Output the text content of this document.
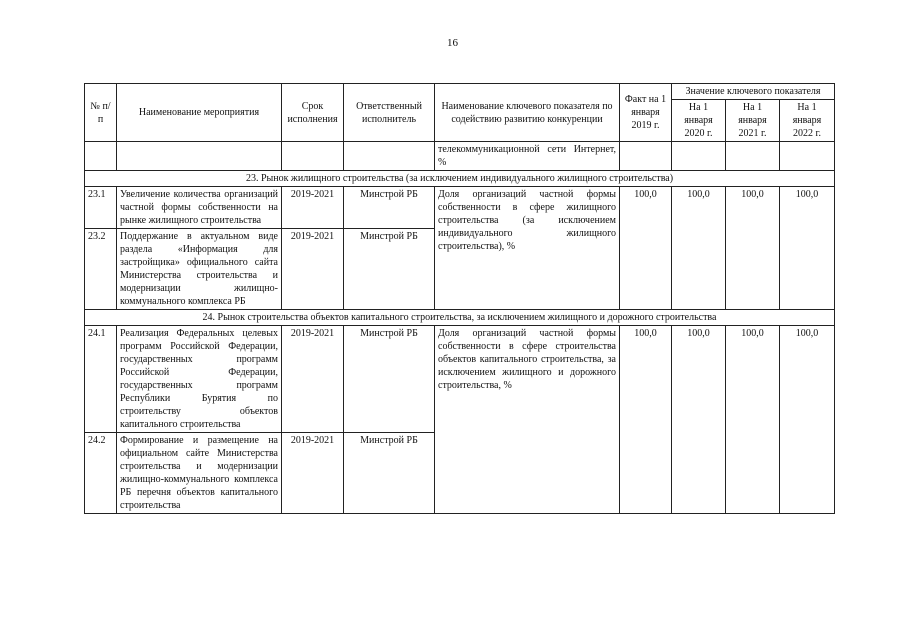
16
№ п/п	Наименование мероприятия	Срок исполнения	Ответственный исполнитель	Наименование ключевого показателя по содействию развитию конкуренции	Факт на 1 января 2019 г.	Значение ключевого показателя		
						На 1 января 2020 г.	На 1 января 2021 г.	На 1 января 2022 г.
				телекоммуникационной сети Интернет, %				
23. Рынок жилищного строительства (за исключением индивидуального жилищного строительства)								
23.1	Увеличение количества организаций частной формы собственности на рынке жилищного строительства	2019-2021	Минстрой РБ	Доля организаций частной формы собственности в сфере жилищного строительства (за исключением индивидуального жилищного строительства), %	100,0	100,0	100,0	100,0
23.2	Поддержание в актуальном виде раздела «Информация для застройщика» официального сайта Министерства строительства и модернизации жилищно-коммунального комплекса РБ	2019-2021	Минстрой РБ					
24. Рынок строительства объектов капитального строительства, за исключением жилищного и дорожного строительства								
24.1	Реализация Федеральных целевых программ Российской Федерации, государственных программ Российской Федерации, государственных программ Республики Бурятия по строительству объектов капитального строительства	2019-2021	Минстрой РБ	Доля организаций частной формы собственности в сфере строительства объектов капитального строительства, за исключением жилищного и дорожного строительства, %	100,0	100,0	100,0	100,0
24.2	Формирование и размещение на официальном сайте Министерства строительства и модернизации жилищно-коммунального комплекса РБ перечня объектов капитального строительства	2019-2021	Минстрой РБ					
